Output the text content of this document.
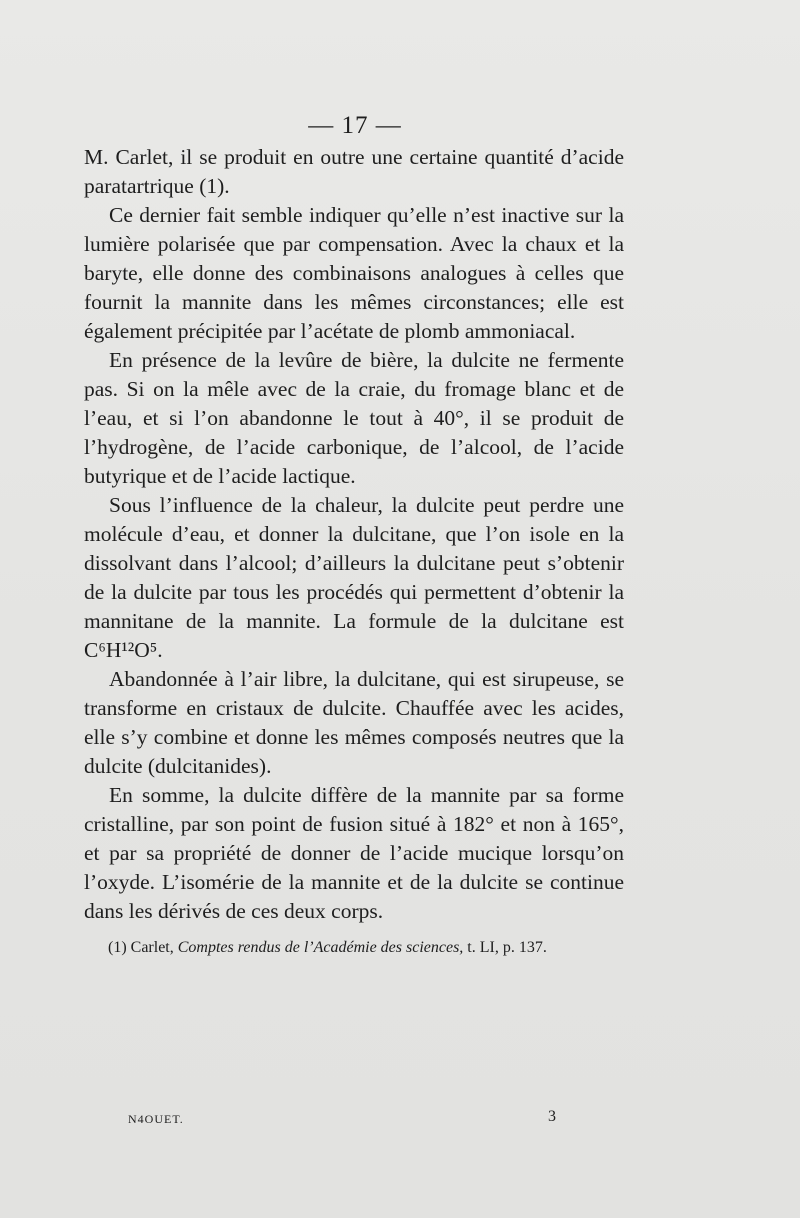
— 17 —

M. Carlet, il se produit en outre une certaine quantité d’acide paratartrique (1).

Ce dernier fait semble indiquer qu’elle n’est inactive sur la lumière polarisée que par compensation. Avec la chaux et la baryte, elle donne des combinaisons analogues à celles que fournit la mannite dans les mêmes circonstances; elle est également précipitée par l’acétate de plomb ammoniacal.

En présence de la levûre de bière, la dulcite ne fermente pas. Si on la mêle avec de la craie, du fromage blanc et de l’eau, et si l’on abandonne le tout à 40°, il se produit de l’hydrogène, de l’acide carbonique, de l’alcool, de l’acide butyrique et de l’acide lactique.

Sous l’influence de la chaleur, la dulcite peut perdre une molécule d’eau, et donner la dulcitane, que l’on isole en la dissolvant dans l’alcool; d’ailleurs la dulcitane peut s’obtenir de la dulcite par tous les procédés qui permettent d’obtenir la mannitane de la mannite. La formule de la dulcitane est C⁶H¹²O⁵.

Abandonnée à l’air libre, la dulcitane, qui est sirupeuse, se transforme en cristaux de dulcite. Chauffée avec les acides, elle s’y combine et donne les mêmes composés neutres que la dulcite (dulcitanides).

En somme, la dulcite diffère de la mannite par sa forme cristalline, par son point de fusion situé à 182° et non à 165°, et par sa propriété de donner de l’acide mucique lorsqu’on l’oxyde. L’isomérie de la mannite et de la dulcite se continue dans les dérivés de ces deux corps.

(1) Carlet, Comptes rendus de l’Académie des sciences, t. LI, p. 137.
N4OUET.	3
